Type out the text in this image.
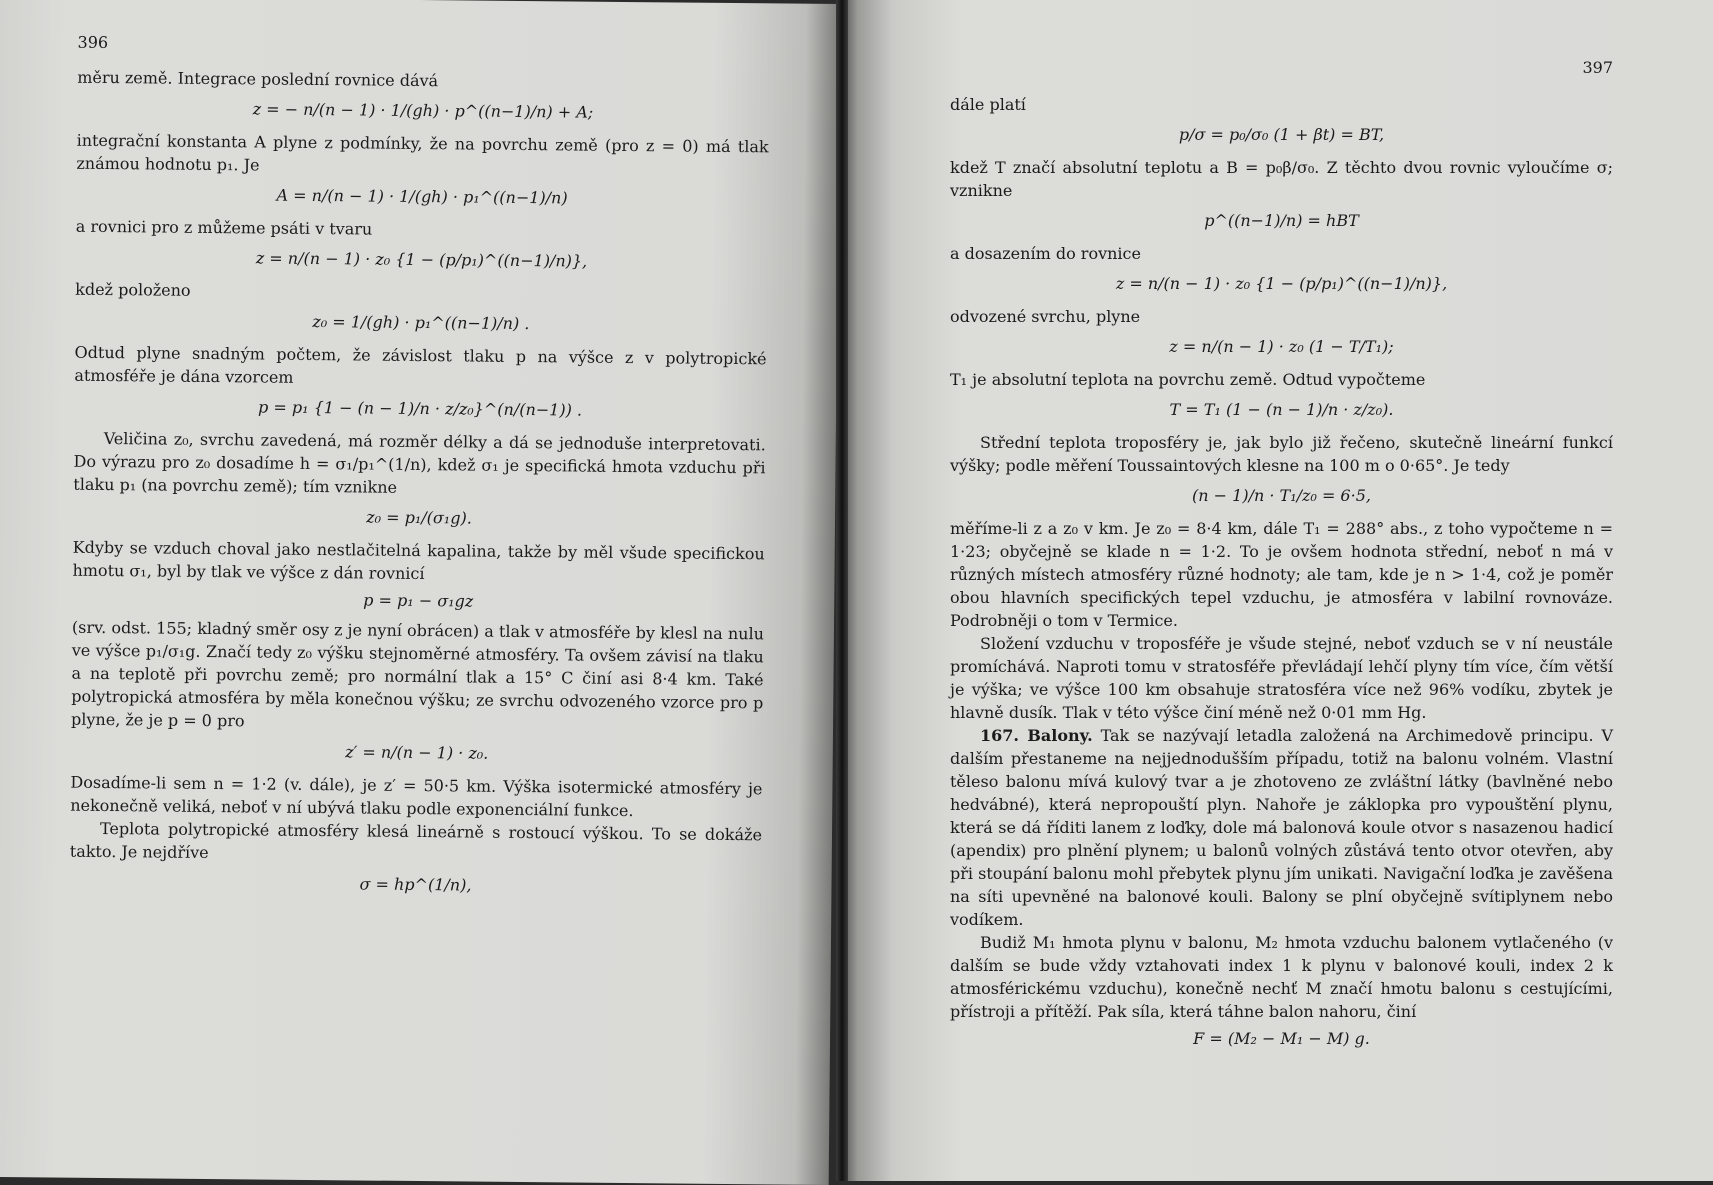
396

měru země. Integrace poslední rovnice dává

z = − n/(n − 1) · 1/(gh) · p^((n−1)/n) + A;

integrační konstanta A plyne z podmínky, že na povrchu země (pro z = 0) má tlak známou hodnotu p₁. Je

A = n/(n − 1) · 1/(gh) · p₁^((n−1)/n)

a rovnici pro z můžeme psáti v tvaru

z = n/(n − 1) · z₀ {1 − (p/p₁)^((n−1)/n)},

kdež položeno

z₀ = 1/(gh) · p₁^((n−1)/n) .

Odtud plyne snadným počtem, že závislost tlaku p na výšce z v polytropické atmosféře je dána vzorcem

p = p₁ {1 − (n − 1)/n · z/z₀}^(n/(n−1)) .

Veličina z₀, svrchu zavedená, má rozměr délky a dá se jednoduše interpretovati. Do výrazu pro z₀ dosadíme h = σ₁/p₁^(1/n), kdež σ₁ je specifická hmota vzduchu při tlaku p₁ (na povrchu země); tím vznikne

z₀ = p₁/(σ₁g).

Kdyby se vzduch choval jako nestlačitelná kapalina, takže by měl všude specifickou hmotu σ₁, byl by tlak ve výšce z dán rovnicí

p = p₁ − σ₁gz

(srv. odst. 155; kladný směr osy z je nyní obrácen) a tlak v atmosféře by klesl na nulu ve výšce p₁/σ₁g. Značí tedy z₀ výšku stejnoměrné atmosféry. Ta ovšem závisí na tlaku a na teplotě při povrchu země; pro normální tlak a 15° C činí asi 8·4 km. Také polytropická atmosféra by měla konečnou výšku; ze svrchu odvozeného vzorce pro p plyne, že je p = 0 pro

z′ = n/(n − 1) · z₀.

Dosadíme-li sem n = 1·2 (v. dále), je z′ = 50·5 km. Výška isotermické atmosféry je nekonečně veliká, neboť v ní ubývá tlaku podle exponenciální funkce.

Teplota polytropické atmosféry klesá lineárně s rostoucí výškou. To se dokáže takto. Je nejdříve

σ = hp^(1/n),
397

dále platí

p/σ = p₀/σ₀ (1 + βt) = BT,

kdež T značí absolutní teplotu a B = p₀β/σ₀. Z těchto dvou rovnic vyloučíme σ; vznikne

p^((n−1)/n) = hBT

a dosazením do rovnice

z = n/(n − 1) · z₀ {1 − (p/p₁)^((n−1)/n)},

odvozené svrchu, plyne

z = n/(n − 1) · z₀ (1 − T/T₁);

T₁ je absolutní teplota na povrchu země. Odtud vypočteme

T = T₁ (1 − (n − 1)/n · z/z₀).

Střední teplota troposféry je, jak bylo již řečeno, skutečně lineární funkcí výšky; podle měření Toussaintových klesne na 100 m o 0·65°. Je tedy

(n − 1)/n · T₁/z₀ = 6·5,

měříme-li z a z₀ v km. Je z₀ = 8·4 km, dále T₁ = 288° abs., z toho vypočteme n = 1·23; obyčejně se klade n = 1·2. To je ovšem hodnota střední, neboť n má v různých místech atmosféry různé hodnoty; ale tam, kde je n > 1·4, což je poměr obou hlavních specifických tepel vzduchu, je atmosféra v labilní rovnováze. Podrobněji o tom v Termice.

Složení vzduchu v troposféře je všude stejné, neboť vzduch se v ní neustále promíchává. Naproti tomu v stratosféře převládají lehčí plyny tím více, čím větší je výška; ve výšce 100 km obsahuje stratosféra více než 96% vodíku, zbytek je hlavně dusík. Tlak v této výšce činí méně než 0·01 mm Hg.

167. Balony. Tak se nazývají letadla založená na Archimedově principu. V dalším přestaneme na nejjednodušším případu, totiž na balonu volném. Vlastní těleso balonu mívá kulový tvar a je zhotoveno ze zvláštní látky (bavlněné nebo hedvábné), která nepropouští plyn. Nahoře je záklopka pro vypouštění plynu, která se dá říditi lanem z loďky, dole má balonová koule otvor s nasazenou hadicí (apendix) pro plnění plynem; u balonů volných zůstává tento otvor otevřen, aby při stoupání balonu mohl přebytek plynu jím unikati. Navigační loďka je zavěšena na síti upevněné na balonové kouli. Balony se plní obyčejně svítiplynem nebo vodíkem.

Budiž M₁ hmota plynu v balonu, M₂ hmota vzduchu balonem vytlačeného (v dalším se bude vždy vztahovati index 1 k plynu v balonové kouli, index 2 k atmosférickému vzduchu), konečně nechť M značí hmotu balonu s cestujícími, přístroji a přítěží. Pak síla, která táhne balon nahoru, činí

F = (M₂ − M₁ − M) g.
